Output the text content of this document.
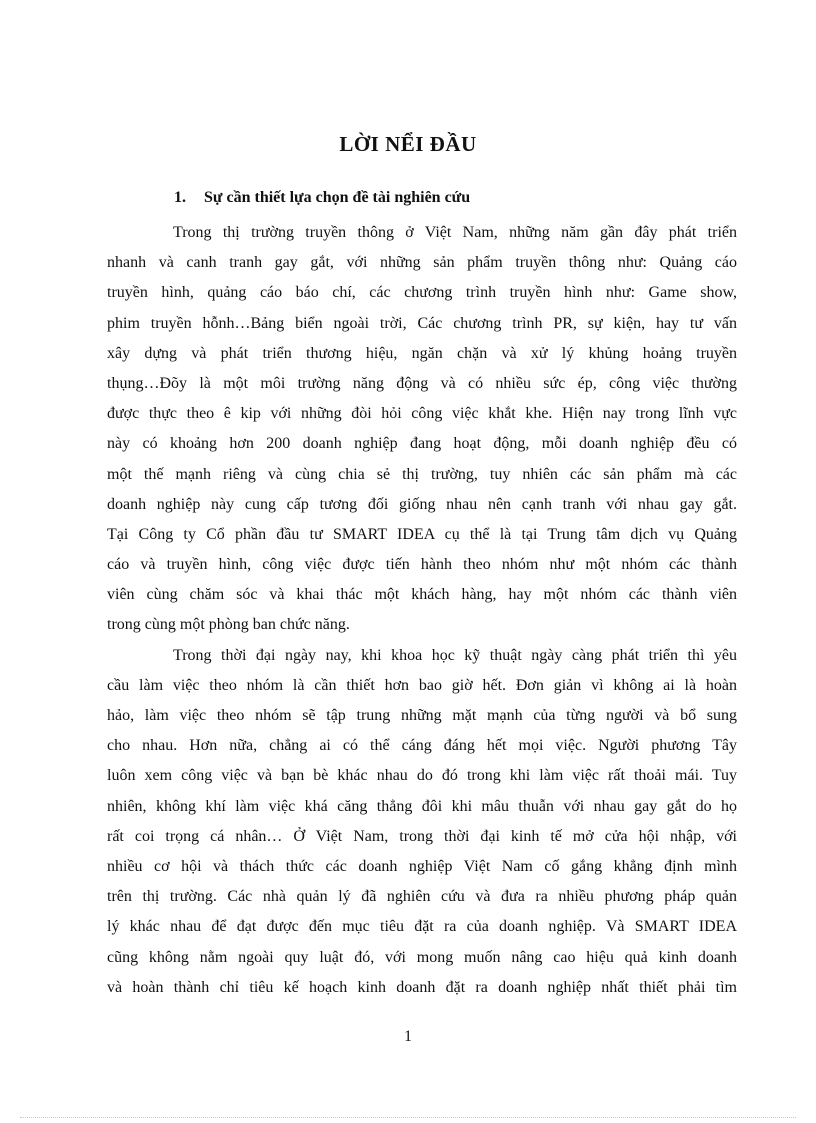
LỜI NỂI ĐẦU
1. Sự cần thiết lựa chọn đề tài nghiên cứu
Trong thị trường truyền thông ở Việt Nam, những năm gần đây phát triển
nhanh và canh tranh gay gắt, với những sản phẩm truyền thông như: Quảng cáo
truyền hình, quảng cáo báo chí, các chương trình truyền hình như: Game show,
phim truyền hỗnh…Bảng biển ngoài trời, Các chương trình PR, sự kiện, hay tư vấn
xây dựng và phát triển thương hiệu, ngăn chặn và xử lý khủng hoảng truyền
thụng…Đõy là một môi trường năng động và có nhiều sức ép, công việc thường
được thực theo ê kip với những đòi hỏi công việc khắt khe. Hiện nay trong lĩnh vực
này có khoảng hơn 200 doanh nghiệp đang hoạt động, mỗi doanh nghiệp đều có
một thế mạnh riêng và cùng chia sẻ thị trường, tuy nhiên các sản phẩm mà các
doanh nghiệp này cung cấp tương đối giống nhau nên cạnh tranh với nhau gay gắt.
Tại Công ty Cổ phần đầu tư SMART IDEA cụ thể là tại Trung tâm dịch vụ Quảng
cáo và truyền hình, công việc được tiến hành theo nhóm như một nhóm các thành
viên cùng chăm sóc và khai thác một khách hàng, hay một nhóm các thành viên
trong cùng một phòng ban chức năng.
Trong thời đại ngày nay, khi khoa học kỹ thuật ngày càng phát triển thì yêu
cầu làm việc theo nhóm là cần thiết hơn bao giờ hết. Đơn giản vì không ai là hoàn
hảo, làm việc theo nhóm sẽ tập trung những mặt mạnh của từng người và bổ sung
cho nhau. Hơn nữa, chẳng ai có thể cáng đáng hết mọi việc. Người phương Tây
luôn xem công việc và bạn bè khác nhau do đó trong khi làm việc rất thoải mái. Tuy
nhiên, không khí làm việc khá căng thẳng đôi khi mâu thuẫn với nhau gay gắt do họ
rất coi trọng cá nhân… Ở Việt Nam, trong thời đại kinh tế mở cửa hội nhập, với
nhiều cơ hội và thách thức các doanh nghiệp Việt Nam cố gắng khẳng định mình
trên thị trường. Các nhà quản lý đã nghiên cứu và đưa ra nhiều phương pháp quản
lý khác nhau để đạt được đến mục tiêu đặt ra của doanh nghiệp. Và SMART IDEA
cũng không nằm ngoài quy luật đó, với mong muốn nâng cao hiệu quả kinh doanh
và hoàn thành chỉ tiêu kế hoạch kinh doanh đặt ra doanh nghiệp nhất thiết phải tìm
1
